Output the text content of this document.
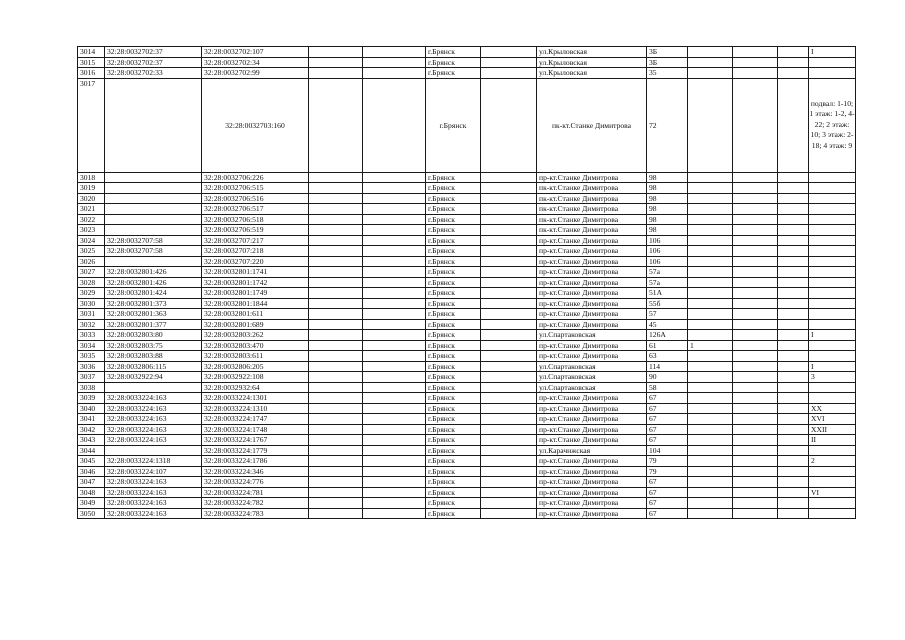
3014	32:28:0032702:37	32:28:0032702:107			г.Брянск		ул.Крыловская	3Б				I
3015	32:28:0032702:37	32:28:0032702:34			г.Брянск		ул.Крыловская	3Б				
3016	32:28:0032702:33	32:28:0032702:99			г.Брянск		ул.Крыловская	35				
3017		32:28:0032703:160			г.Брянск		пк-кт.Станке Димитрова	72				подвал: 1-10; 1 этаж: 1-2, 4-22; 2 этаж: 10; 3 этаж: 2-18; 4 этаж: 9
3018		32:28:0032706:226			г.Брянск		пр-кт.Станке Димитрова	98				
3019		32:28:0032706:515			г.Брянск		пк-кт.Станке Димитрова	98				
3020		32:28:0032706:516			г.Брянск		пк-кт.Станке Димитрова	98				
3021		32:28:0032706:517			г.Брянск		пк-кт.Станке Димитрова	98				
3022		32:28:0032706:518			г.Брянск		пк-кт.Станке Димитрова	98				
3023		32:28:0032706:519			г.Брянск		пк-кт.Станке Димитрова	98				
3024	32:28:0032707:58	32:28:0032707:217			г.Брянск		пр-кт.Станке Димитрова	106				
3025	32:28:0032707:58	32:28:0032707:218			г.Брянск		пр-кт.Станке Димитрова	106				
3026		32:28:0032707:220			г.Брянск		пр-кт.Станке Димитрова	106				
3027	32:28:0032801:426	32:28:0032801:1741			г.Брянск		пр-кт.Станке Димитрова	57а				
3028	32:28:0032801:426	32:28:0032801:1742			г.Брянск		пр-кт.Станке Димитрова	57а				
3029	32:28:0032801:424	32:28:0032801:1749			г.Брянск		пр-кт.Станке Димитрова	51А				
3030	32:28:0032801:373	32:28:0032801:1844			г.Брянск		пр-кт.Станке Димитрова	55б				
3031	32:28:0032801:363	32:28:0032801:611			г.Брянск		пр-кт.Станке Димитрова	57				
3032	32:28:0032801:377	32:28:0032801:689			г.Брянск		пр-кт.Станке Димитрова	45				
3033	32:28:0032803:80	32:28:0032803:262			г.Брянск		ул.Спартаковская	126А				I
3034	32:28:0032803:75	32:28:0032803:470			г.Брянск		пр-кт.Станке Димитрова	61	1			
3035	32:28:0032803:88	32:28:0032803:611			г.Брянск		пр-кт.Станке Димитрова	63				
3036	32:28:0032806:115	32:28:0032806:205			г.Брянск		ул.Спартаковская	114				I
3037	32:28:0032922:94	32:28:0032922:108			г.Брянск		ул.Спартаковская	90				3
3038		32:28:0032932:64			г.Брянск		ул.Спартаковская	58				
3039	32:28:0033224:163	32:28:0033224:1301			г.Брянск		пр-кт.Станке Димитрова	67				
3040	32:28:0033224:163	32:28:0033224:1310			г.Брянск		пр-кт.Станке Димитрова	67				XX
3041	32:28:0033224:163	32:28:0033224:1747			г.Брянск		пр-кт.Станке Димитрова	67				XVI
3042	32:28:0033224:163	32:28:0033224:1748			г.Брянск		пр-кт.Станке Димитрова	67				XXII
3043	32:28:0033224:163	32:28:0033224:1767			г.Брянск		пр-кт.Станке Димитрова	67				II
3044		32:28:0033224:1779			г.Брянск		ул.Карачижская	104				
3045	32:28:0033224:1318	32:28:0033224:1786			г.Брянск		пр-кт.Станке Димитрова	79				2
3046	32:28:0033224:107	32:28:0033224:346			г.Брянск		пр-кт.Станке Димитрова	79				
3047	32:28:0033224:163	32:28:0033224:776			г.Брянск		пр-кт.Станке Димитрова	67				
3048	32:28:0033224:163	32:28:0033224:781			г.Брянск		пр-кт.Станке Димитрова	67				VI
3049	32:28:0033224:163	32:28:0033224:782			г.Брянск		пр-кт.Станке Димитрова	67				
3050	32:28:0033224:163	32:28:0033224:783			г.Брянск		пр-кт.Станке Димитрова	67				
